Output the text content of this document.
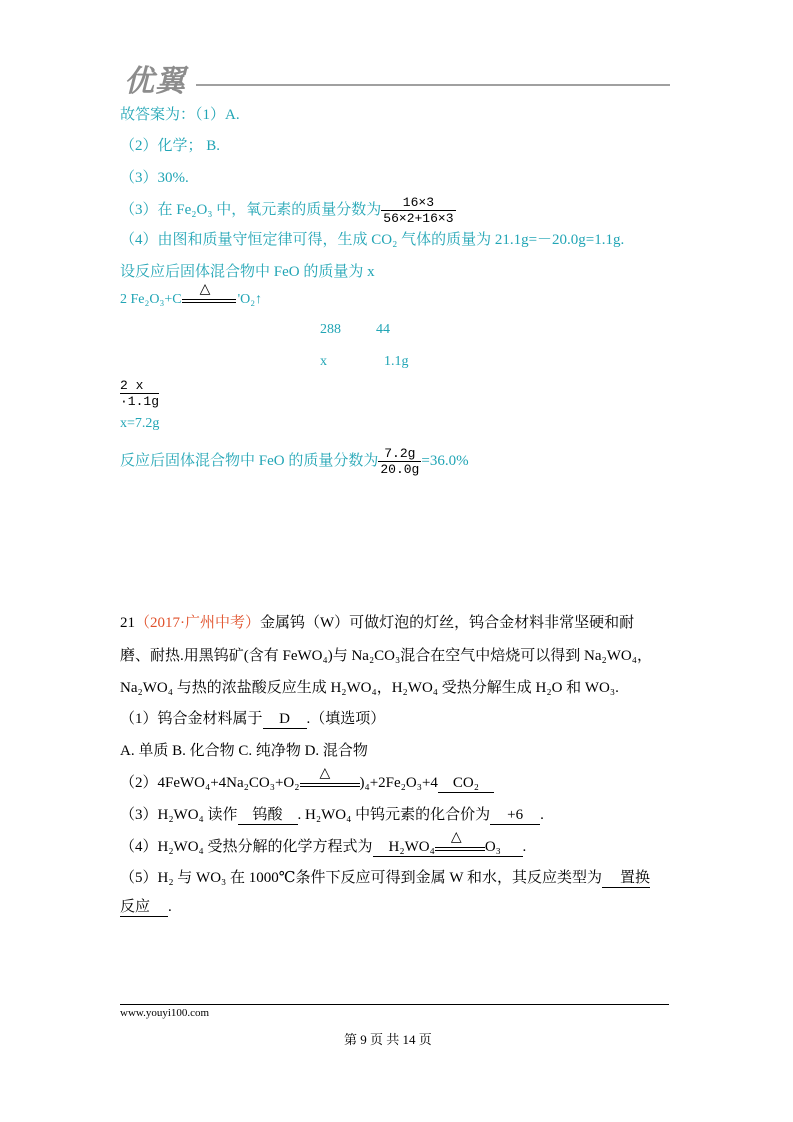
优翼
故答案为：（1）A.
（2）化学； B.
（3）30%.
（3）在 Fe₂O₃ 中，氧元素的质量分数为 $\frac{16\times 3}{56\times 2+16\times 3}$
（4）由图和质量守恒定律可得，生成 CO₂ 气体的质量为 21.1g=－20.0g=1.1g.
设反应后固体混合物中 FeO 的质量为 x
2 Fe₂O₃+C
△
'O₂↑
288	44
x	1.1g
$\frac{2 x}{\cdot 1.1g}$
x=7.2g
反应后固体混合物中 FeO 的质量分数为 $\frac{7.2g}{20.0g} =36.0\%$
21（2017·广州中考）金属钨（W）可做灯泡的灯丝，钨合金材料非常坚硬和耐
磨、耐热.用黑钨矿(含有 FeWO₄)与 Na₂CO₃混合在空气中焙烧可以得到 Na₂WO₄，
Na₂WO₄ 与热的浓盐酸反应生成 H₂WO₄，H₂WO₄ 受热分解生成 H₂O 和 WO₃.
（1）钨合金材料属于 D .（填选项）
A. 单质 B. 化合物 C. 纯净物 D. 混合物
（2）4FeWO₄+4Na₂CO₃+O₂
△
)₄+2Fe₂O₃+4 CO₂
（3）H₂WO₄ 读作 钨酸 . H₂WO₄ 中钨元素的化合价为 +6 .
（4）H₂WO₄ 受热分解的化学方程式为 H₂WO₄
△
O₃ .
（5）H₂ 与 WO₃ 在 1000℃条件下反应可得到金属 W 和水，其反应类型为 置换
反应 .
www.youyi100.com
第 9 页 共 14 页
